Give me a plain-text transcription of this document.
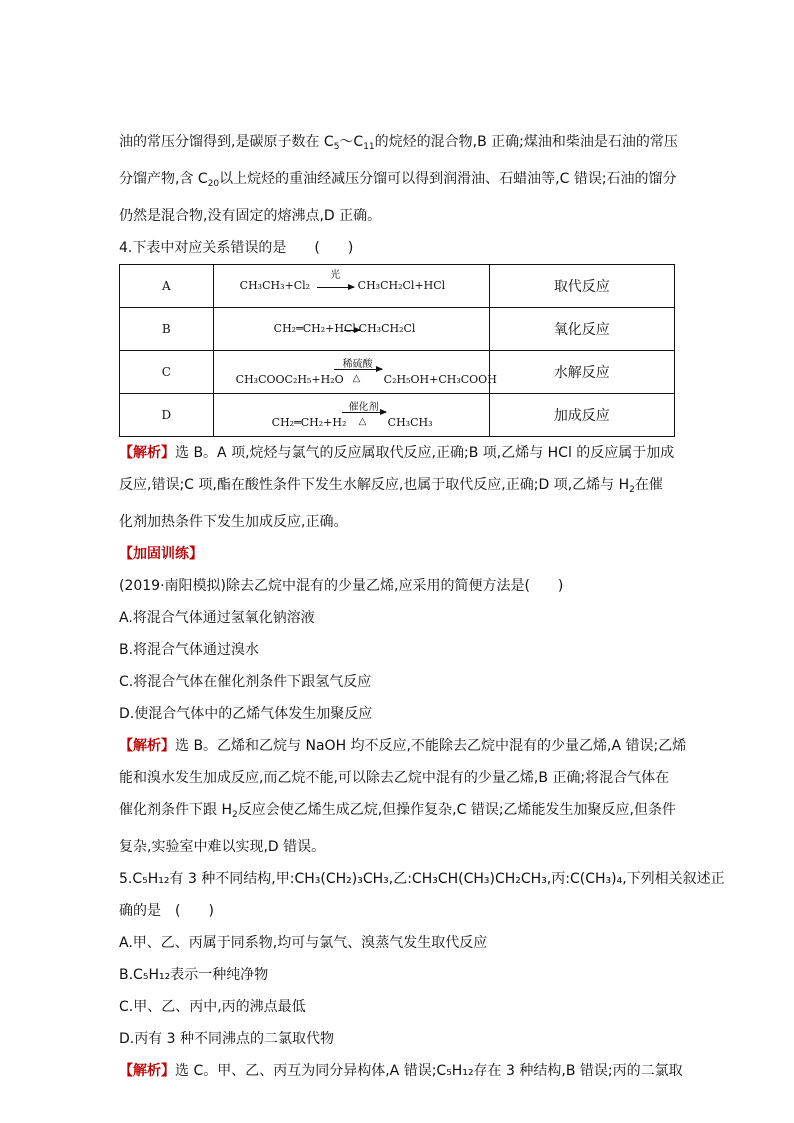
油的常压分馏得到,是碳原子数在 $C_5\sim C_{11}$的烷烃的混合物,B 正确;煤油和柴油是石油的常压
分馏产物,含 $C_{20}$以上烷烃的重油经减压分馏可以得到润滑油、石蜡油等,C 错误;石油的馏分
仍然是混合物,没有固定的熔沸点,D 正确。
4.下表中对应关系错误的是　　(　　)
A	CH₃CH₃+Cl₂ →
光
CH₃CH₂Cl+HCl	取代反应
B	CH₂═CH₂+HCl → CH₃CH₂Cl	氧化反应
C	CH₃COOC₂H₅+H₂O
稀硫酸
△ C₂H₅OH+CH₃COOH	水解反应
D	CH₂═CH₂+H₂
催化剂
△ CH₃CH₃	加成反应
【解析】选 B。A 项,烷烃与氯气的反应属取代反应,正确;B 项,乙烯与 HCl 的反应属于加成
反应,错误;C 项,酯在酸性条件下发生水解反应,也属于取代反应,正确;D 项,乙烯与 $H_2$在催
化剂加热条件下发生加成反应,正确。
【加固训练】
(2019·南阳模拟)除去乙烷中混有的少量乙烯,应采用的简便方法是(　　)
A.将混合气体通过氢氧化钠溶液
B.将混合气体通过溴水
C.将混合气体在催化剂条件下跟氢气反应
D.使混合气体中的乙烯气体发生加聚反应
【解析】选 B。乙烯和乙烷与 NaOH 均不反应,不能除去乙烷中混有的少量乙烯,A 错误;乙烯
能和溴水发生加成反应,而乙烷不能,可以除去乙烷中混有的少量乙烯,B 正确;将混合气体在
催化剂条件下跟 $H_2$反应会使乙烯生成乙烷,但操作复杂,C 错误;乙烯能发生加聚反应,但条件
复杂,实验室中难以实现,D 错误。
5.C₅H₁₂有 3 种不同结构,甲:CH₃(CH₂)₃CH₃,乙:CH₃CH(CH₃)CH₂CH₃,丙:C(CH₃)₄,下列相关叙述正
确的是　(　　)
A.甲、乙、丙属于同系物,均可与氯气、溴蒸气发生取代反应
B.C₅H₁₂表示一种纯净物
C.甲、乙、丙中,丙的沸点最低
D.丙有 3 种不同沸点的二氯取代物
【解析】选 C。甲、乙、丙互为同分异构体,A 错误;C₅H₁₂存在 3 种结构,B 错误;丙的二氯取
